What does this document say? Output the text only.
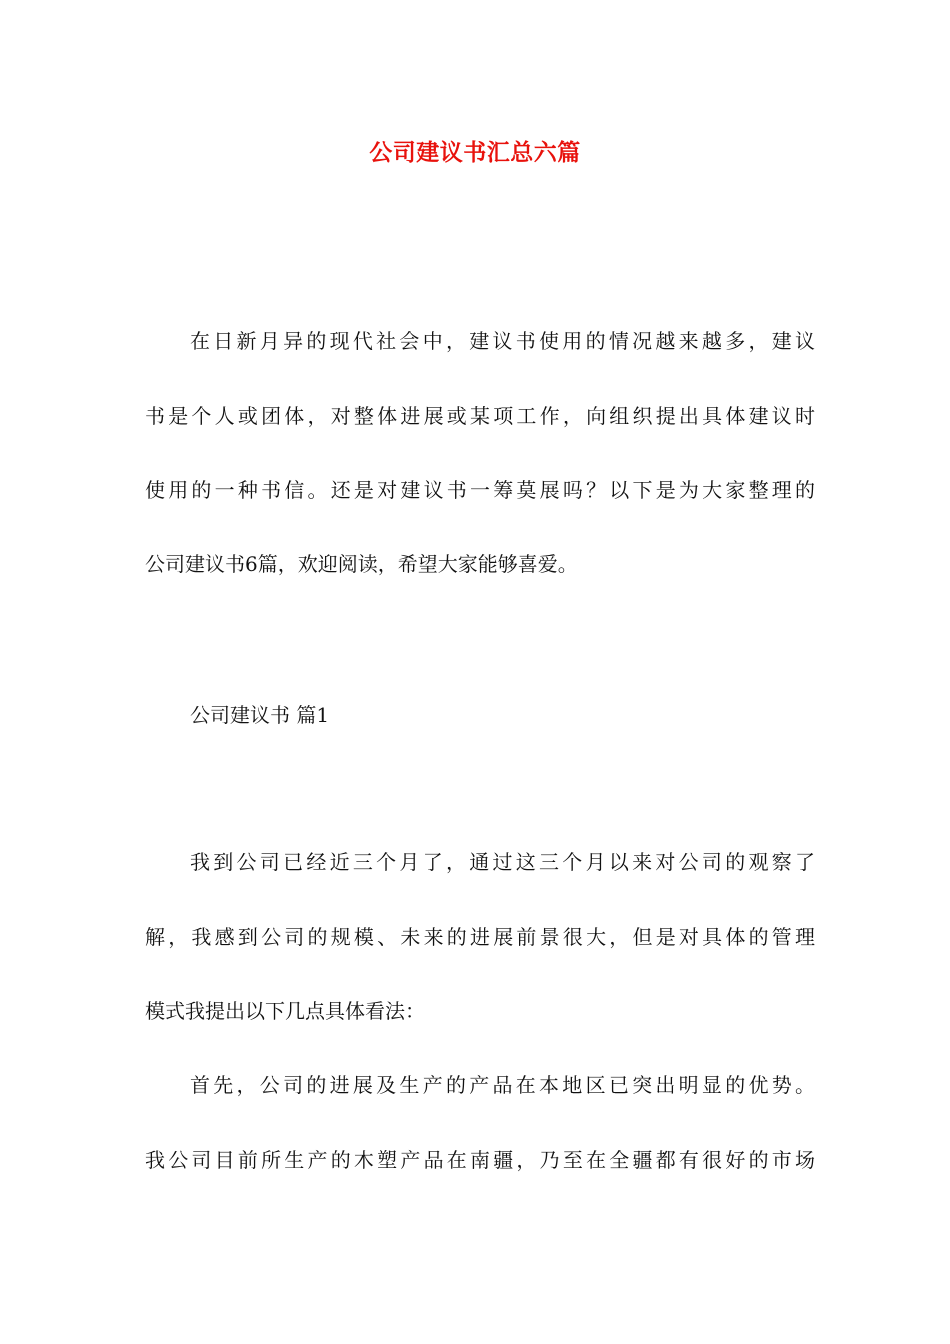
公司建议书汇总六篇

在日新月异的现代社会中，建议书使用的情况越来越多，建议

书是个人或团体，对整体进展或某项工作，向组织提出具体建议时

使用的一种书信。还是对建议书一筹莫展吗？以下是为大家整理的

公司建议书6篇，欢迎阅读，希望大家能够喜爱。

公司建议书 篇1

我到公司已经近三个月了，通过这三个月以来对公司的观察了

解，我感到公司的规模、未来的进展前景很大，但是对具体的管理

模式我提出以下几点具体看法：

首先，公司的进展及生产的产品在本地区已突出明显的优势。

我公司目前所生产的木塑产品在南疆，乃至在全疆都有很好的市场
